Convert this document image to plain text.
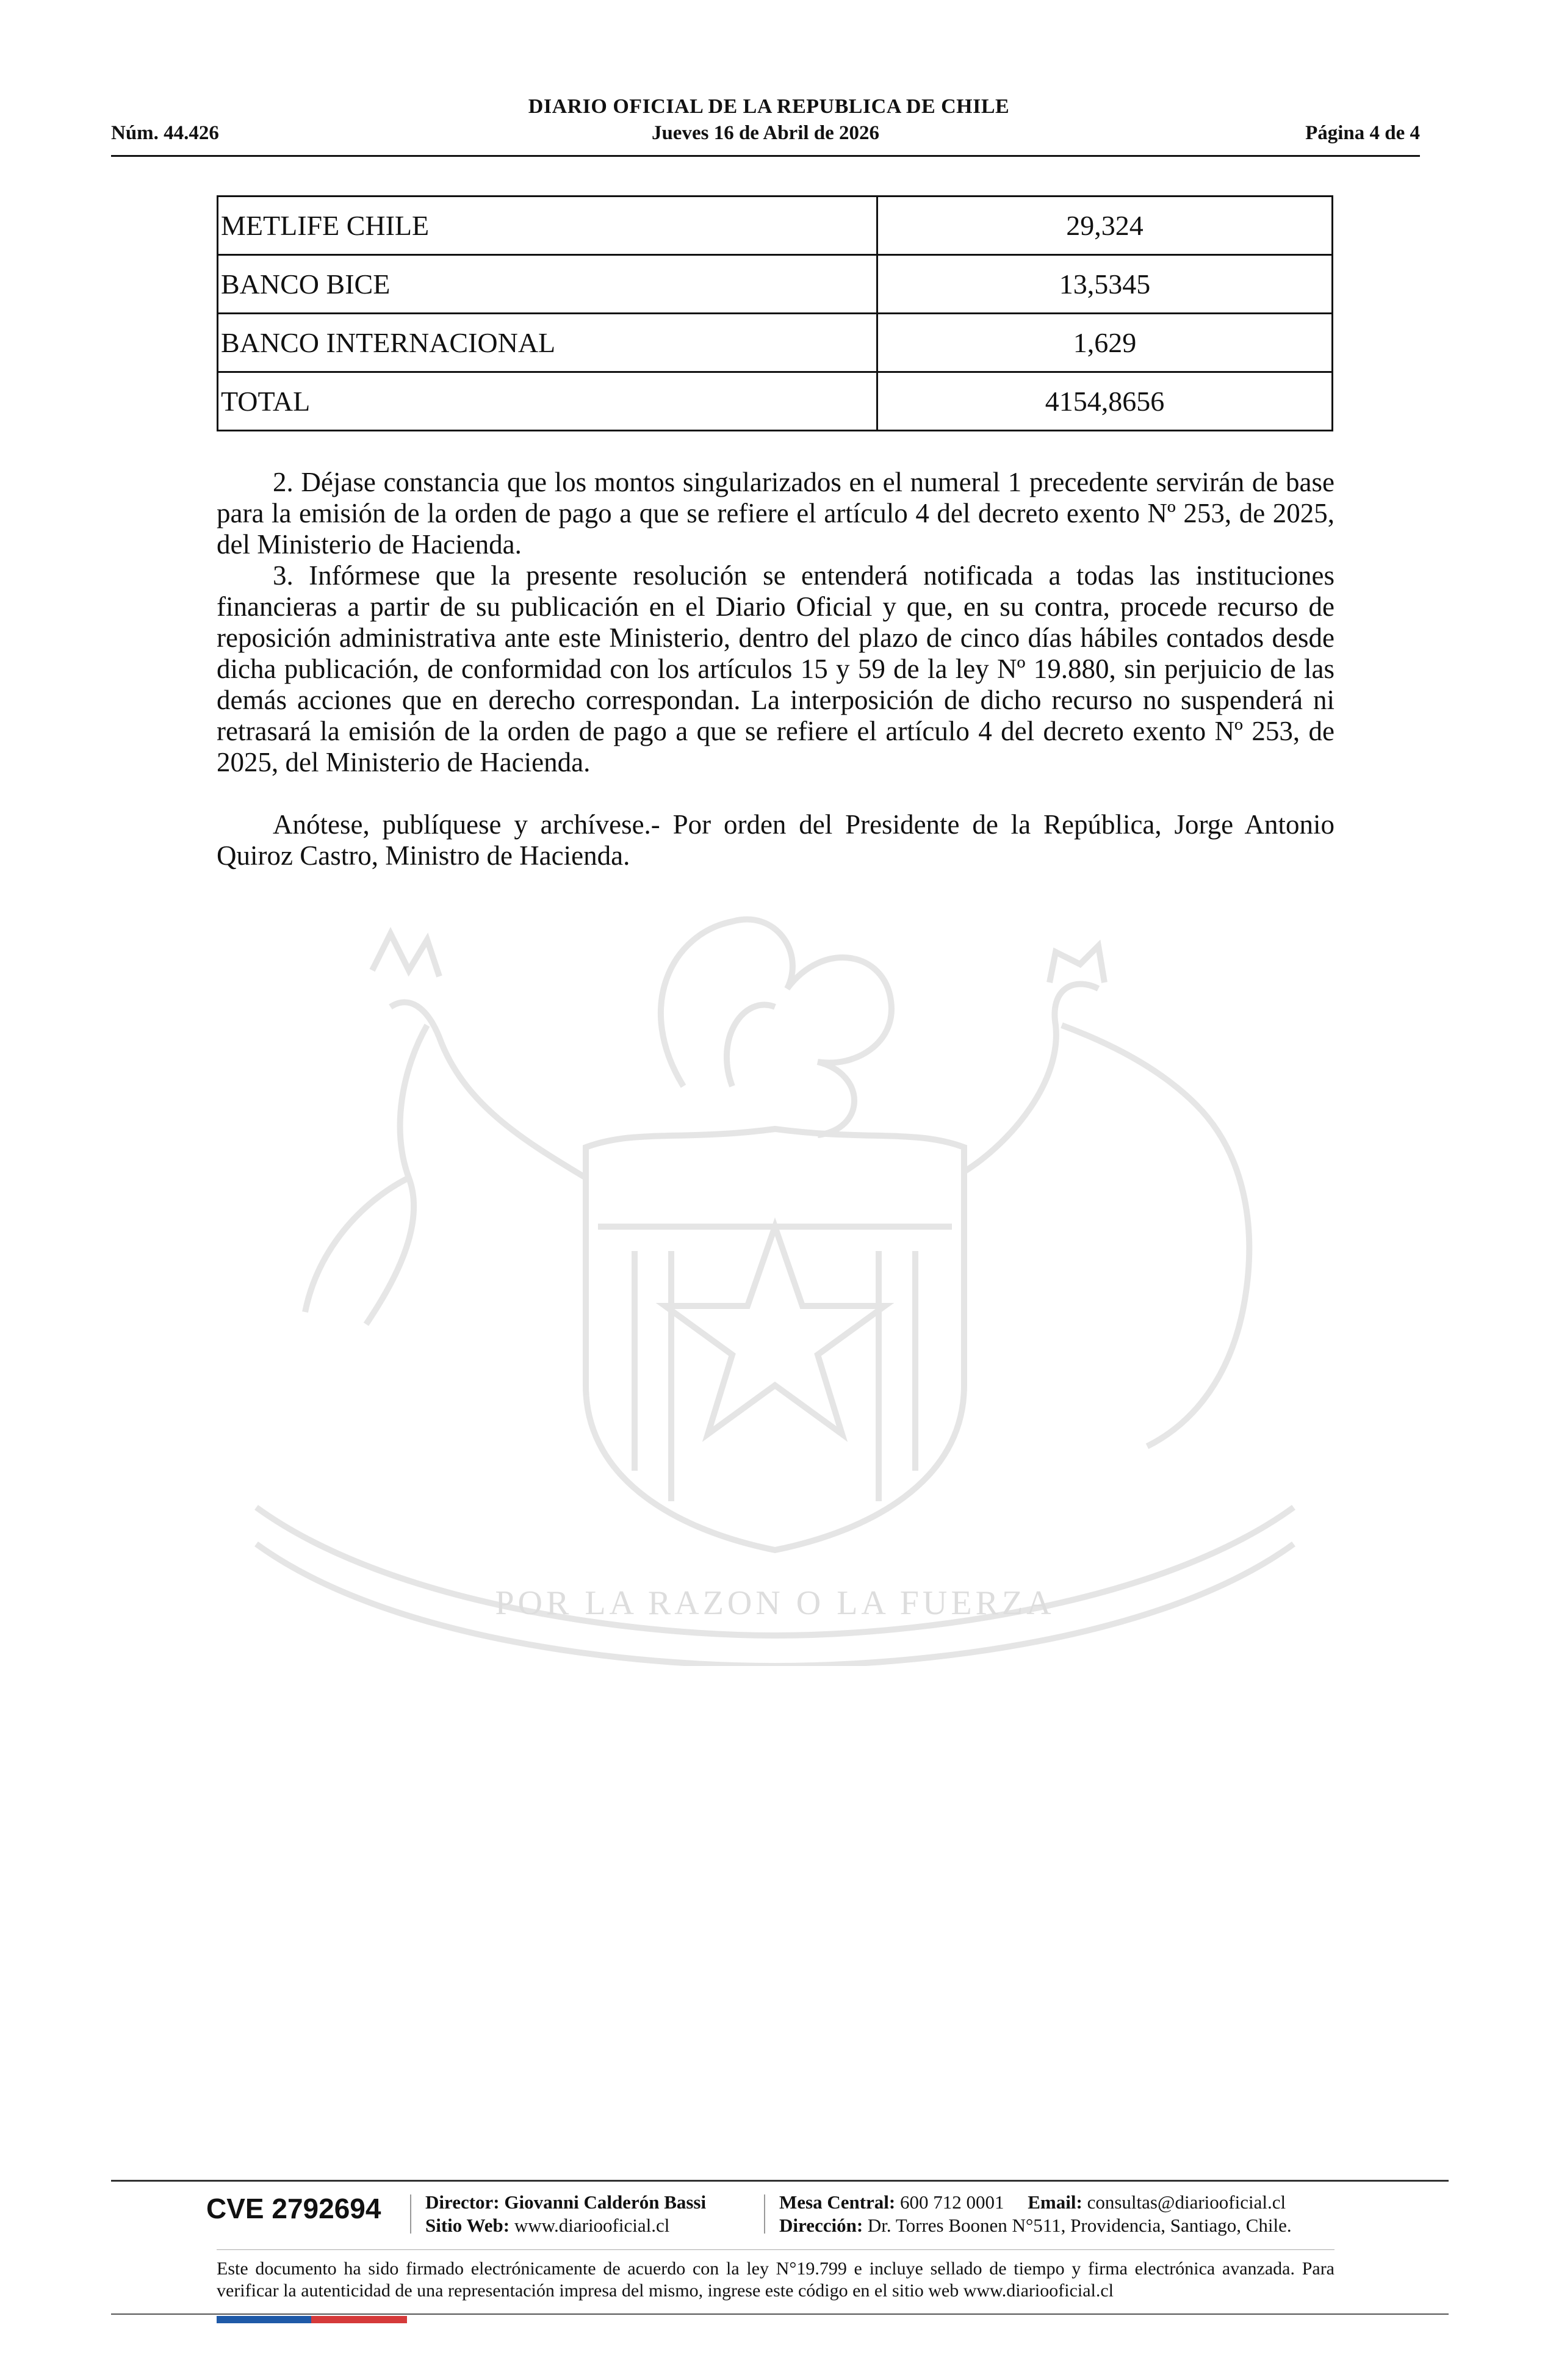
DIARIO OFICIAL DE LA REPUBLICA DE CHILE
Núm. 44.426	Jueves 16 de Abril de 2026	Página 4 de 4
METLIFE CHILE	29,324
BANCO BICE	13,5345
BANCO INTERNACIONAL	1,629
TOTAL	4154,8656

2. Déjase constancia que los montos singularizados en el numeral 1 precedente servirán de base para la emisión de la orden de pago a que se refiere el artículo 4 del decreto exento Nº 253, de 2025, del Ministerio de Hacienda.

3. Infórmese que la presente resolución se entenderá notificada a todas las instituciones financieras a partir de su publicación en el Diario Oficial y que, en su contra, procede recurso de reposición administrativa ante este Ministerio, dentro del plazo de cinco días hábiles contados desde dicha publicación, de conformidad con los artículos 15 y 59 de la ley Nº 19.880, sin perjuicio de las demás acciones que en derecho correspondan. La interposición de dicho recurso no suspenderá ni retrasará la emisión de la orden de pago a que se refiere el artículo 4 del decreto exento Nº 253, de 2025, del Ministerio de Hacienda.

Anótese, publíquese y archívese.- Por orden del Presidente de la República, Jorge Antonio Quiroz Castro, Ministro de Hacienda.

POR LA RAZON O LA FUERZA
CVE 2792694 Director: Giovanni Calderón Bassi
Sitio Web: www.diariooficial.cl
Mesa Central: 600 712 0001 Email: consultas@diariooficial.cl
Dirección: Dr. Torres Boonen N°511, Providencia, Santiago, Chile.
Este documento ha sido firmado electrónicamente de acuerdo con la ley N°19.799 e incluye sellado de tiempo y firma electrónica avanzada. Para verificar la autenticidad de una representación impresa del mismo, ingrese este código en el sitio web www.diariooficial.cl
